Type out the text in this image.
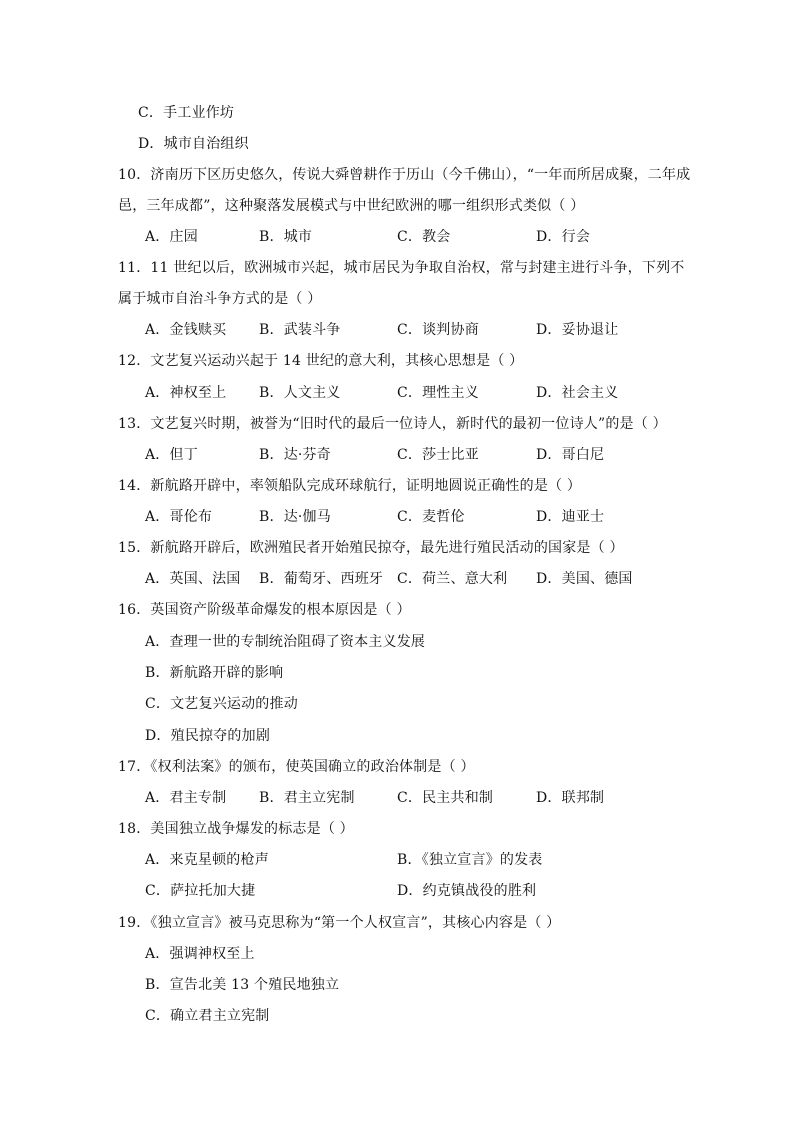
C．手工业作坊
D．城市自治组织
10．济南历下区历史悠久，传说大舜曾耕作于历山（今千佛山），“一年而所居成聚，二年成
邑，三年成都”，这种聚落发展模式与中世纪欧洲的哪一组织形式类似（ ）
A．庄园	B．城市	C．教会	D．行会
11．11 世纪以后，欧洲城市兴起，城市居民为争取自治权，常与封建主进行斗争，下列不
属于城市自治斗争方式的是（ ）
A．金钱赎买 B．武装斗争	C．谈判协商	D．妥协退让
12．文艺复兴运动兴起于 14 世纪的意大利，其核心思想是（ ）
A．神权至上 B．人文主义	C．理性主义	D．社会主义
13．文艺复兴时期，被誉为“旧时代的最后一位诗人，新时代的最初一位诗人”的是（ ）
A．但丁	B．达·芬奇	C．莎士比亚	D．哥白尼
14．新航路开辟中，率领船队完成环球航行，证明地圆说正确性的是（ ）
A．哥伦布	B．达·伽马	C．麦哲伦	D．迪亚士
15．新航路开辟后，欧洲殖民者开始殖民掠夺，最先进行殖民活动的国家是（ ）
A．英国、法国 B．葡萄牙、西班牙 C．荷兰、意大利 D．美国、德国
16．英国资产阶级革命爆发的根本原因是（ ）
A．查理一世的专制统治阻碍了资本主义发展
B．新航路开辟的影响
C．文艺复兴运动的推动
D．殖民掠夺的加剧
17．《权利法案》的颁布，使英国确立的政治体制是（ ）
A．君主专制 B．君主立宪制	C．民主共和制	D．联邦制
18．美国独立战争爆发的标志是（ ）
A．来克星顿的枪声	B．《独立宣言》的发表
C．萨拉托加大捷	D．约克镇战役的胜利
19．《独立宣言》被马克思称为“第一个人权宣言”，其核心内容是（ ）
A．强调神权至上
B．宣告北美 13 个殖民地独立
C．确立君主立宪制
